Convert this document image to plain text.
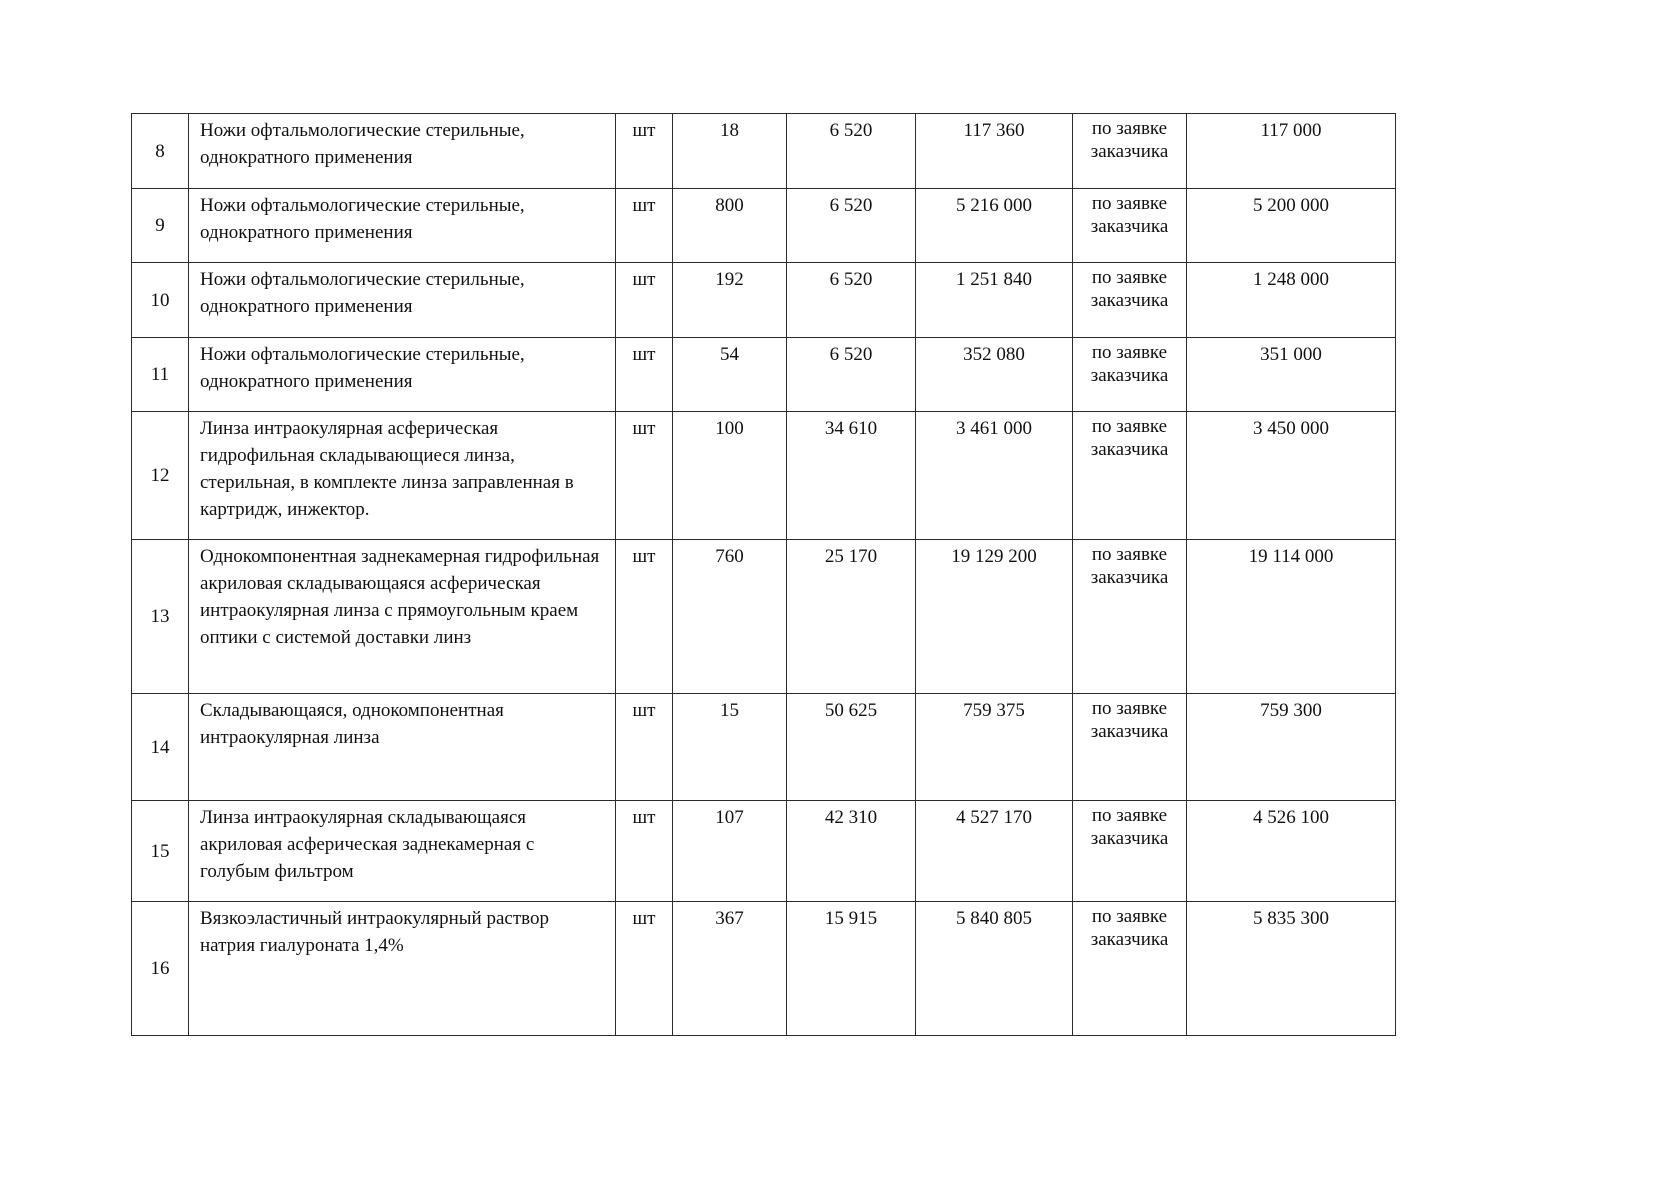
8	Ножи офтальмологические стерильные, однократного применения	шт	18	6 520	117 360	по заявке заказчика	117 000
9	Ножи офтальмологические стерильные, однократного применения	шт	800	6 520	5 216 000	по заявке заказчика	5 200 000
10	Ножи офтальмологические стерильные, однократного применения	шт	192	6 520	1 251 840	по заявке заказчика	1 248 000
11	Ножи офтальмологические стерильные, однократного применения	шт	54	6 520	352 080	по заявке заказчика	351 000
12	Линза интраокулярная асферическая гидрофильная складывающиеся линза, стерильная, в комплекте линза заправленная в картридж, инжектор.	шт	100	34 610	3 461 000	по заявке заказчика	3 450 000
13	Однокомпонентная заднекамерная гидрофильная акриловая складывающаяся асферическая интраокулярная линза с прямоугольным краем оптики с системой доставки линз	шт	760	25 170	19 129 200	по заявке заказчика	19 114 000
14	Складывающаяся, однокомпонентная интраокулярная линза	шт	15	50 625	759 375	по заявке заказчика	759 300
15	Линза интраокулярная складывающаяся акриловая асферическая заднекамерная с голубым фильтром	шт	107	42 310	4 527 170	по заявке заказчика	4 526 100
16	Вязкоэластичный интраокулярный раствор натрия гиалуроната 1,4%	шт	367	15 915	5 840 805	по заявке заказчика	5 835 300
